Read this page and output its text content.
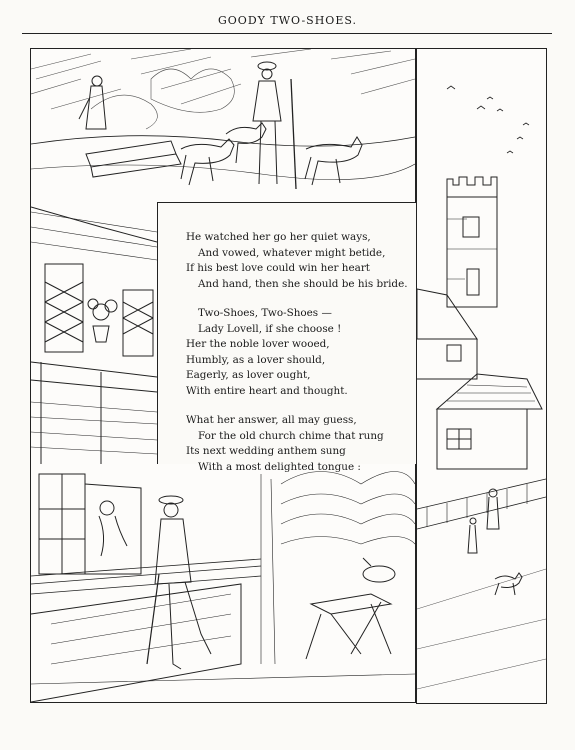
GOODY TWO-SHOES.
He watched her go her quiet ways,
And vowed, whatever might betide,
If his best love could win her heart
And hand, then she should be his bride.
Two-Shoes, Two-Shoes —
Lady Lovell, if she choose !
Her the noble lover wooed,
Humbly, as a lover should,
Eagerly, as lover ought,
With entire heart and thought.
What her answer, all may guess,
For the old church chime that rung
Its next wedding anthem sung
With a most delighted tongue :
